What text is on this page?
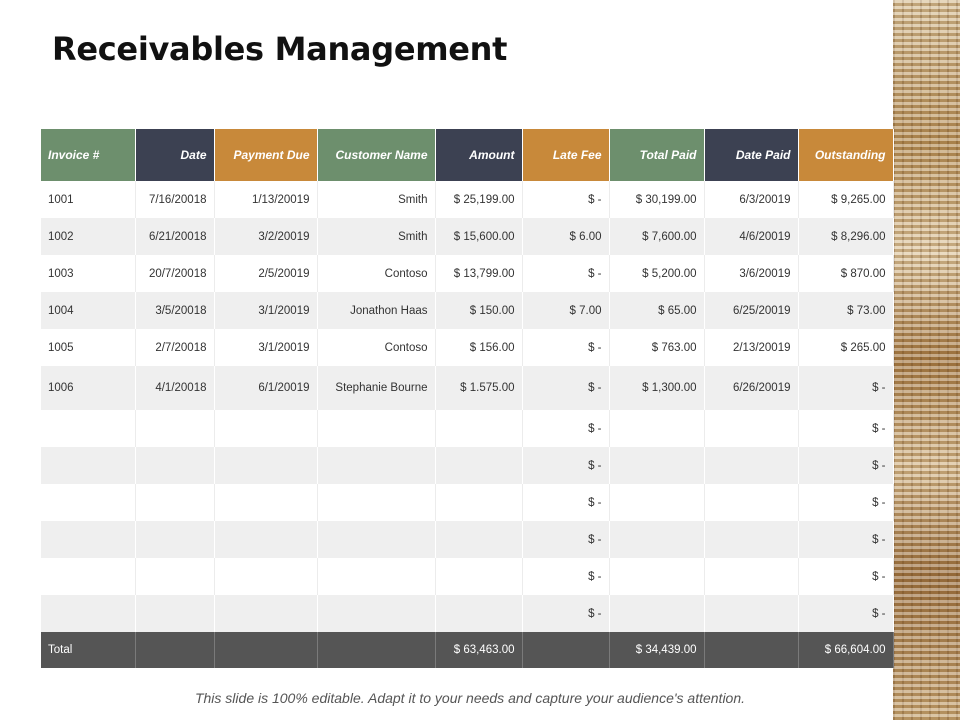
Receivables Management
Invoice #	Date	Payment Due	Customer Name	Amount	Late Fee	Total Paid	Date Paid	Outstanding
1001	7/16/20018	1/13/20019	Smith	$ 25,199.00	$ -	$ 30,199.00	6/3/20019	$ 9,265.00
1002	6/21/20018	3/2/20019	Smith	$ 15,600.00	$ 6.00	$ 7,600.00	4/6/20019	$ 8,296.00
1003	20/7/20018	2/5/20019	Contoso	$ 13,799.00	$ -	$ 5,200.00	3/6/20019	$ 870.00
1004	3/5/20018	3/1/20019	Jonathon Haas	$ 150.00	$ 7.00	$ 65.00	6/25/20019	$ 73.00
1005	2/7/20018	3/1/20019	Contoso	$ 156.00	$ -	$ 763.00	2/13/20019	$ 265.00
1006	4/1/20018	6/1/20019	Stephanie Bourne	$ 1.575.00	$ -	$ 1,300.00	6/26/20019	$ -
					$ -			$ -
					$ -			$ -
					$ -			$ -
					$ -			$ -
					$ -			$ -
					$ -			$ -
Total				$ 63,463.00		$ 34,439.00		$ 66,604.00
This slide is 100% editable. Adapt it to your needs and capture your audience's attention.
